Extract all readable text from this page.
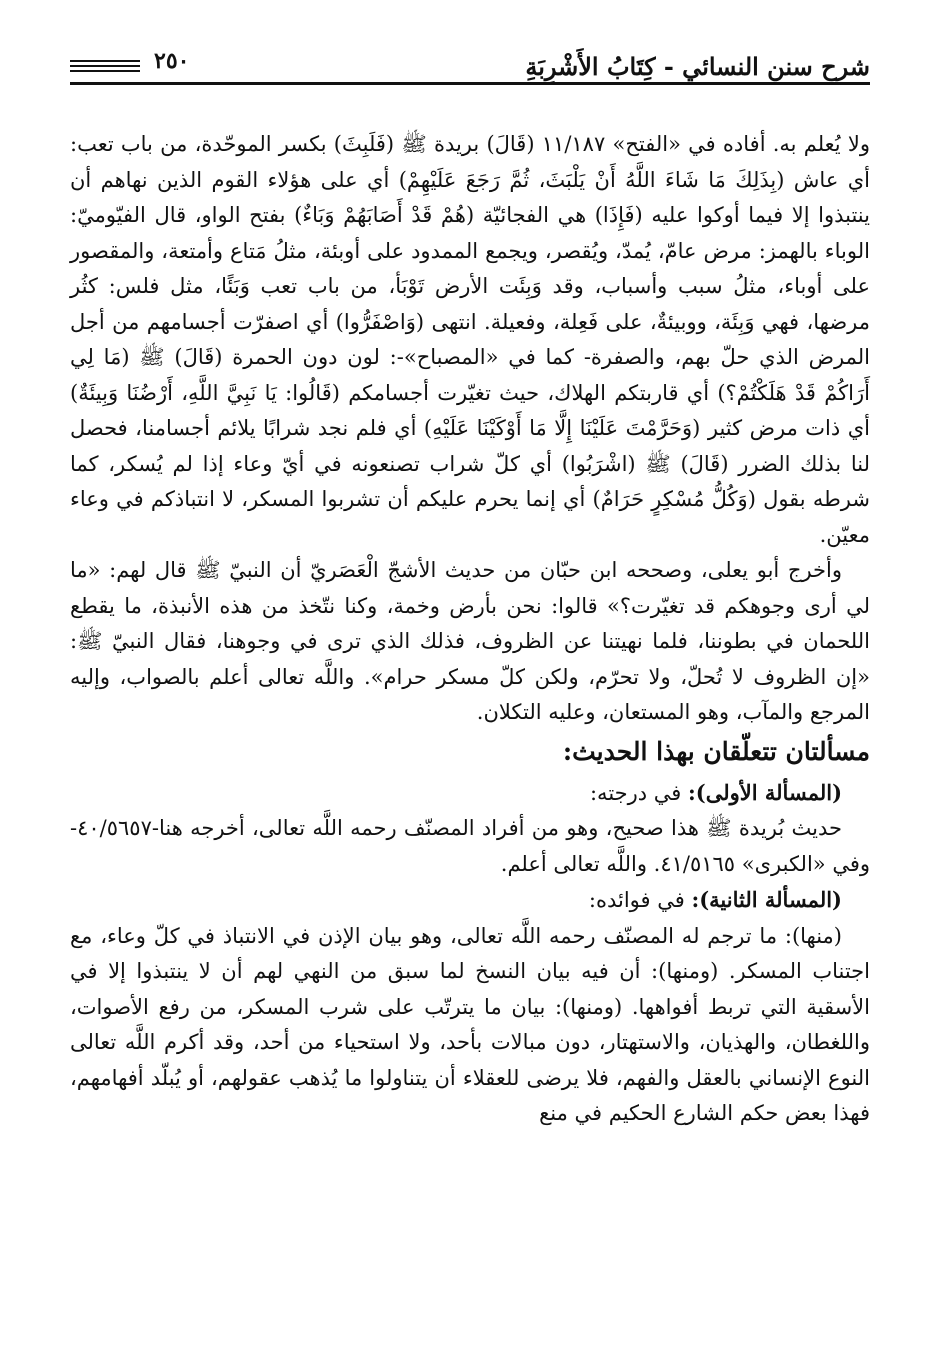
شرح سنن النسائي - كِتَابُ الأَشْرِبَةِ
٢٥٠

ولا يُعلم به. أفاده في «الفتح» ١١/١٨٧ (قَالَ) بريدة ﷺ (فَلَبِثَ) بكسر الموحّدة، من باب تعب: أي عاش (بِذَلِكَ مَا شَاءَ اللَّهُ أَنْ يَلْبَثَ، ثُمَّ رَجَعَ عَلَيْهِمْ) أي على هؤلاء القوم الذين نهاهم أن ينتبذوا إلا فيما أوكوا عليه (فَإِذَا) هي الفجائيّة (هُمْ قَدْ أَصَابَهُمْ وَبَاءٌ) بفتح الواو، قال الفيّوميّ: الوباء بالهمز: مرض عامّ، يُمدّ، ويُقصر، ويجمع الممدود على أوبئة، مثلُ مَتاع وأمتعة، والمقصور على أوباء، مثلُ سبب وأسباب، وقد وَبِئَت الأرض تَوْبَأ، من باب تعب وَبَئًا، مثل فلس: كثُر مرضها، فهي وَبِئَة، ووبيئةٌ، على فَعِلة، وفعيلة. انتهى (وَاصْفَرُّوا) أي اصفرّت أجسامهم من أجل المرض الذي حلّ بهم، والصفرة- كما في «المصباح»-: لون دون الحمرة (قَالَ) ﷺ (مَا لِي أَرَاكُمْ قَدْ هَلَكْتُمْ؟) أي قاربتكم الهلاك، حيث تغيّرت أجسامكم (قَالُوا: يَا نَبِيَّ اللَّهِ، أَرْضُنَا وَبِيئَةٌ) أي ذات مرض كثير (وَحَرَّمْتَ عَلَيْنَا إِلَّا مَا أَوْكَيْنَا عَلَيْهِ) أي فلم نجد شرابًا يلائم أجسامنا، فحصل لنا بذلك الضرر (قَالَ) ﷺ (اشْرَبُوا) أي كلّ شراب تصنعونه في أيّ وعاء إذا لم يُسكر، كما شرطه بقول (وَكُلُّ مُسْكِرٍ حَرَامٌ) أي إنما يحرم عليكم أن تشربوا المسكر، لا انتباذكم في وعاء معيّن.

وأخرج أبو يعلى، وصححه ابن حبّان من حديث الأشجّ الْعَصَريّ أن النبيّ ﷺ قال لهم: «ما لي أرى وجوهكم قد تغيّرت؟» قالوا: نحن بأرض وخمة، وكنا نتّخذ من هذه الأنبذة، ما يقطع اللحمان في بطوننا، فلما نهيتنا عن الظروف، فذلك الذي ترى في وجوهنا، فقال النبيّ ﷺ: «إن الظروف لا تُحلّ، ولا تحرّم، ولكن كلّ مسكر حرام». واللَّه تعالى أعلم بالصواب، وإليه المرجع والمآب، وهو المستعان، وعليه التكلان.

مسألتان تتعلّقان بهذا الحديث:

(المسألة الأولى): في درجته:

حديث بُريدة ﷺ هذا صحيح، وهو من أفراد المصنّف رحمه اللَّه تعالى، أخرجه هنا-٤٠/٥٦٥٧- وفي «الكبرى» ٤١/٥١٦٥. واللَّه تعالى أعلم.

(المسألة الثانية): في فوائده:

(منها): ما ترجم له المصنّف رحمه اللَّه تعالى، وهو بيان الإذن في الانتباذ في كلّ وعاء، مع اجتناب المسكر. (ومنها): أن فيه بيان النسخ لما سبق من النهي لهم أن لا ينتبذوا إلا في الأسقية التي تربط أفواهها. (ومنها): بيان ما يترتّب على شرب المسكر، من رفع الأصوات، واللغطان، والهذيان، والاستهتار، دون مبالات بأحد، ولا استحياء من أحد، وقد أكرم اللَّه تعالى النوع الإنساني بالعقل والفهم، فلا يرضى للعقلاء أن يتناولوا ما يُذهب عقولهم، أو يُبلّد أفهامهم، فهذا بعض حكم الشارع الحكيم في منع
